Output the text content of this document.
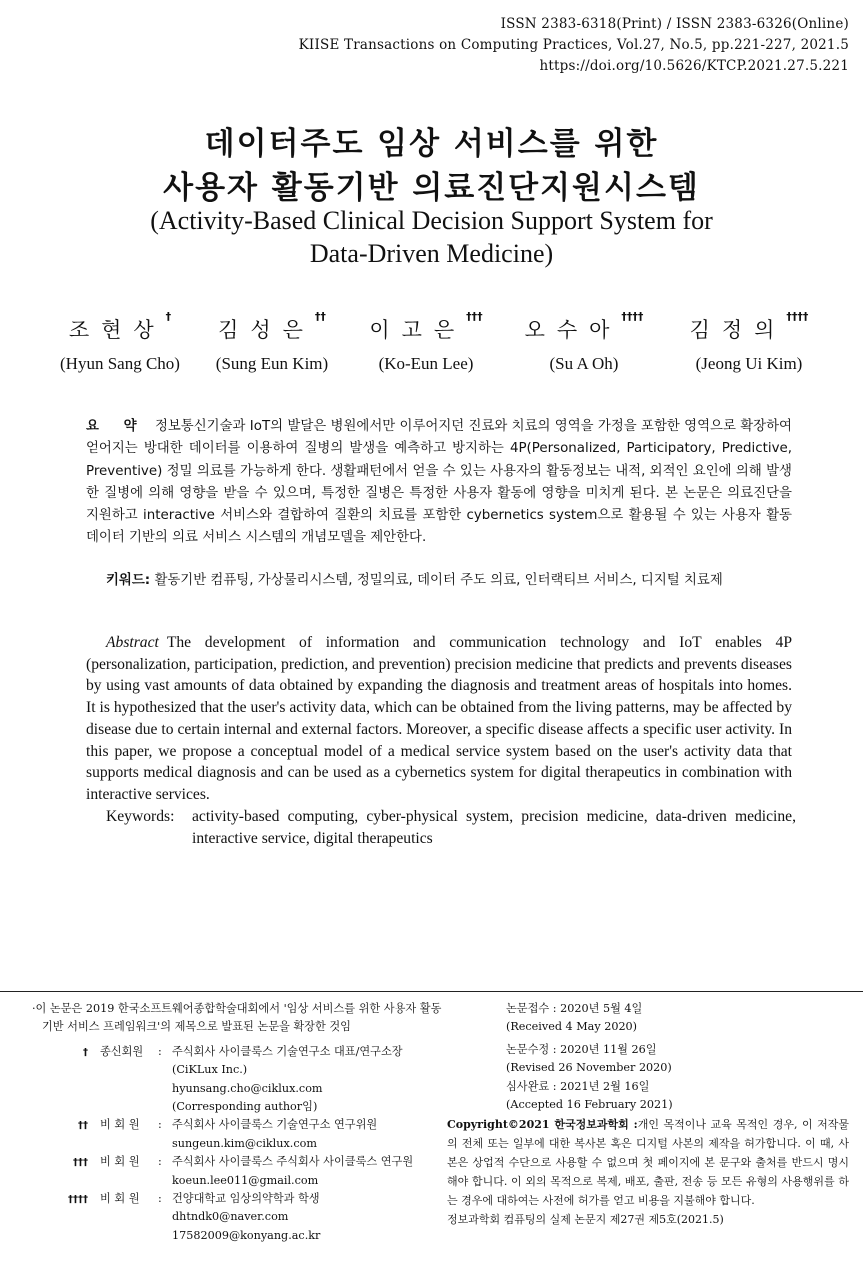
ISSN 2383-6318(Print) / ISSN 2383-6326(Online)
KIISE Transactions on Computing Practices, Vol.27, No.5, pp.221-227, 2021.5
https://doi.org/10.5626/KTCP.2021.27.5.221
데이터주도 임상 서비스를 위한
사용자 활동기반 의료진단지원시스템
(Activity-Based Clinical Decision Support System for
Data-Driven Medicine)
조현상†
(Hyun Sang Cho)
김성은††
(Sung Eun Kim)
이고은†††
(Ko-Eun Lee)
오수아††††
(Su A Oh)
김정의††††
(Jeong Ui Kim)
요 약 정보통신기술과 IoT의 발달은 병원에서만 이루어지던 진료와 치료의 영역을 가정을 포함한 영역으로 확장하여 얻어지는 방대한 데이터를 이용하여 질병의 발생을 예측하고 방지하는 4P(Personalized, Participatory, Predictive, Preventive) 정밀 의료를 가능하게 한다. 생활패턴에서 얻을 수 있는 사용자의 활동정보는 내적, 외적인 요인에 의해 발생한 질병에 의해 영향을 받을 수 있으며, 특정한 질병은 특정한 사용자 활동에 영향을 미치게 된다. 본 논문은 의료진단을 지원하고 interactive 서비스와 결합하여 질환의 치료를 포함한 cybernetics system으로 활용될 수 있는 사용자 활동 데이터 기반의 의료 서비스 시스템의 개념모델을 제안한다.
키워드: 활동기반 컴퓨팅, 가상물리시스템, 정밀의료, 데이터 주도 의료, 인터랙티브 서비스, 디지털 치료제
Abstract The development of information and communication technology and IoT enables 4P (personalization, participation, prediction, and prevention) precision medicine that predicts and prevents diseases by using vast amounts of data obtained by expanding the diagnosis and treatment areas of hospitals into homes. It is hypothesized that the user's activity data, which can be obtained from the living patterns, may be affected by disease due to certain internal and external factors. Moreover, a specific disease affects a specific user activity. In this paper, we propose a conceptual model of a medical service system based on the user's activity data that supports medical diagnosis and can be used as a cybernetics system for digital therapeutics in combination with interactive services.
Keywords: activity-based computing, cyber-physical system, precision medicine, data-driven medicine, interactive service, digital therapeutics
·이 논문은 2019 한국소프트웨어종합학술대회에서 '임상 서비스를 위한 사용자 활동기반 서비스 프레임워크'의 제목으로 발표된 논문을 확장한 것임
† 종신회원	: 주식회사 사이클룩스 기술연구소 대표/연구소장
(CiKLux Inc.)
hyunsang.cho@ciklux.com
(Corresponding author임)
†† 비 회 원	: 주식회사 사이클룩스 기술연구소 연구위원
sungeun.kim@ciklux.com
††† 비 회 원	: 주식회사 사이클룩스 주식회사 사이클룩스 연구원
koeun.lee011@gmail.com
†††† 비 회 원	: 건양대학교 임상의약학과 학생
dhtndk0@naver.com
17582009@konyang.ac.kr
논문접수 : 2020년 5월 4일
(Received 4 May 2020)
논문수정 : 2020년 11월 26일
(Revised 26 November 2020)
심사완료 : 2021년 2월 16일
(Accepted 16 February 2021)
Copyright©2021 한국정보과학회 :개인 목적이나 교육 목적인 경우, 이 저작물의 전체 또는 일부에 대한 복사본 혹은 디지털 사본의 제작을 허가합니다. 이 때, 사본은 상업적 수단으로 사용할 수 없으며 첫 페이지에 본 문구와 출처를 반드시 명시해야 합니다. 이 외의 목적으로 복제, 배포, 출판, 전송 등 모든 유형의 사용행위를 하는 경우에 대하여는 사전에 허가를 얻고 비용을 지불해야 합니다.
정보과학회 컴퓨팅의 실제 논문지 제27권 제5호(2021.5)
